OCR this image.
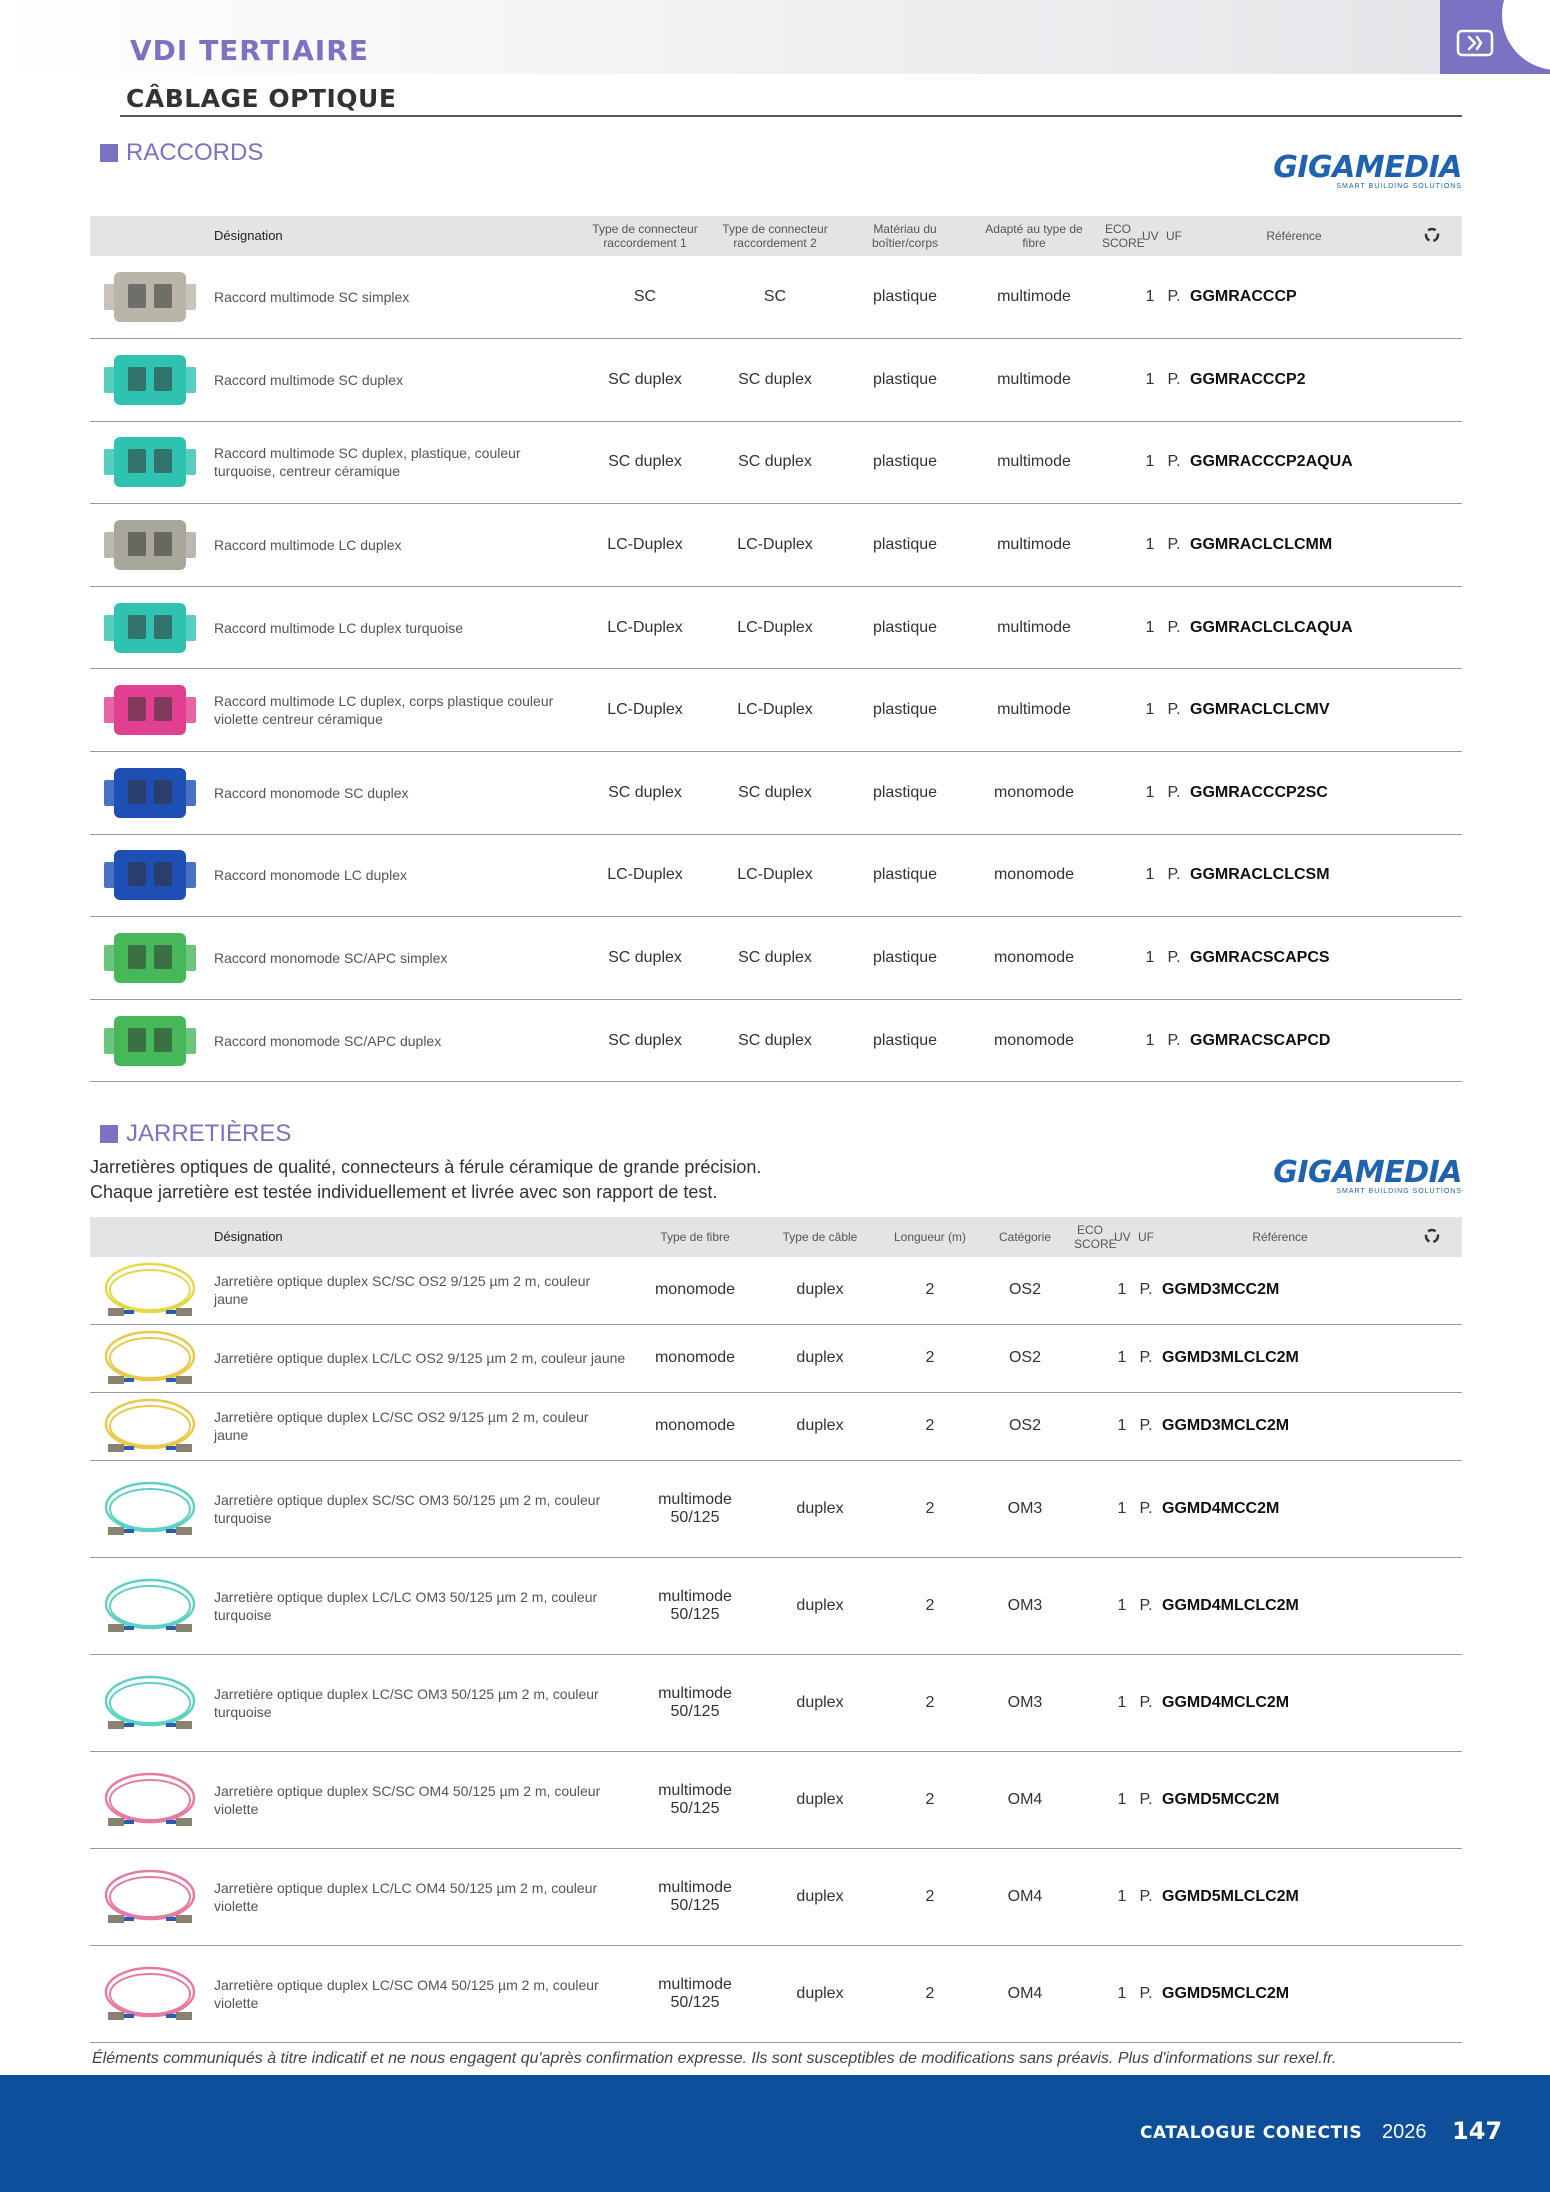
VDI TERTIAIRE
CÂBLAGE OPTIQUE
RACCORDS	GIGAMEDIA
SMART BUILDING SOLUTIONS
	Désignation	Type de connecteur raccordement 1	Type de connecteur raccordement 2	Matériau du boîtier/corps	Adapté au type de fibre	ECO SCORE	UV	UF	Référence	

	Raccord multimode SC simplex	SC	SC	plastique	multimode		1	P.	GGMRACCCP	

	Raccord multimode SC duplex	SC duplex	SC duplex	plastique	multimode		1	P.	GGMRACCCP2	

	Raccord multimode SC duplex, plastique, couleur turquoise, centreur céramique	SC duplex	SC duplex	plastique	multimode		1	P.	GGMRACCCP2AQUA	

	Raccord multimode LC duplex	LC-Duplex	LC-Duplex	plastique	multimode		1	P.	GGMRACLCLCMM	

	Raccord multimode LC duplex turquoise	LC-Duplex	LC-Duplex	plastique	multimode		1	P.	GGMRACLCLCAQUA	

	Raccord multimode LC duplex, corps plastique couleur violette centreur céramique	LC-Duplex	LC-Duplex	plastique	multimode		1	P.	GGMRACLCLCMV	

	Raccord monomode SC duplex	SC duplex	SC duplex	plastique	monomode		1	P.	GGMRACCCP2SC	

	Raccord monomode LC duplex	LC-Duplex	LC-Duplex	plastique	monomode		1	P.	GGMRACLCLCSM	

	Raccord monomode SC/APC simplex	SC duplex	SC duplex	plastique	monomode		1	P.	GGMRACSCAPCS	

	Raccord monomode SC/APC duplex	SC duplex	SC duplex	plastique	monomode		1	P.	GGMRACSCAPCD	
JARRETIÈRES
Jarretières optiques de qualité, connecteurs à férule céramique de grande précision.
Chaque jarretière est testée individuellement et livrée avec son rapport de test.
GIGAMEDIA
SMART BUILDING SOLUTIONS
	Désignation	Type de fibre	Type de câble	Longueur (m)	Catégorie	ECO SCORE	UV	UF	Référence	

	Jarretière optique duplex SC/SC OS2 9/125 µm 2 m, couleur jaune	monomode	duplex	2	OS2		1	P.	GGMD3MCC2M	

	Jarretière optique duplex LC/LC OS2 9/125 µm 2 m, couleur jaune	monomode	duplex	2	OS2		1	P.	GGMD3MLCLC2M	

	Jarretière optique duplex LC/SC OS2 9/125 µm 2 m, couleur jaune	monomode	duplex	2	OS2		1	P.	GGMD3MCLC2M	

	Jarretière optique duplex SC/SC OM3 50/125 µm 2 m, couleur turquoise	multimode 50/125	duplex	2	OM3		1	P.	GGMD4MCC2M	

	Jarretière optique duplex LC/LC OM3 50/125 µm 2 m, couleur turquoise	multimode 50/125	duplex	2	OM3		1	P.	GGMD4MLCLC2M	

	Jarretière optique duplex LC/SC OM3 50/125 µm 2 m, couleur turquoise	multimode 50/125	duplex	2	OM3		1	P.	GGMD4MCLC2M	

	Jarretière optique duplex SC/SC OM4 50/125 µm 2 m, couleur violette	multimode 50/125	duplex	2	OM4		1	P.	GGMD5MCC2M	

	Jarretière optique duplex LC/LC OM4 50/125 µm 2 m, couleur violette	multimode 50/125	duplex	2	OM4		1	P.	GGMD5MLCLC2M	

	Jarretière optique duplex LC/SC OM4 50/125 µm 2 m, couleur violette	multimode 50/125	duplex	2	OM4		1	P.	GGMD5MCLC2M	
Éléments communiqués à titre indicatif et ne nous engagent qu'après confirmation expresse. Ils sont susceptibles de modifications sans préavis. Plus d'informations sur rexel.fr.
CATALOGUE CONECTIS 2026 147
